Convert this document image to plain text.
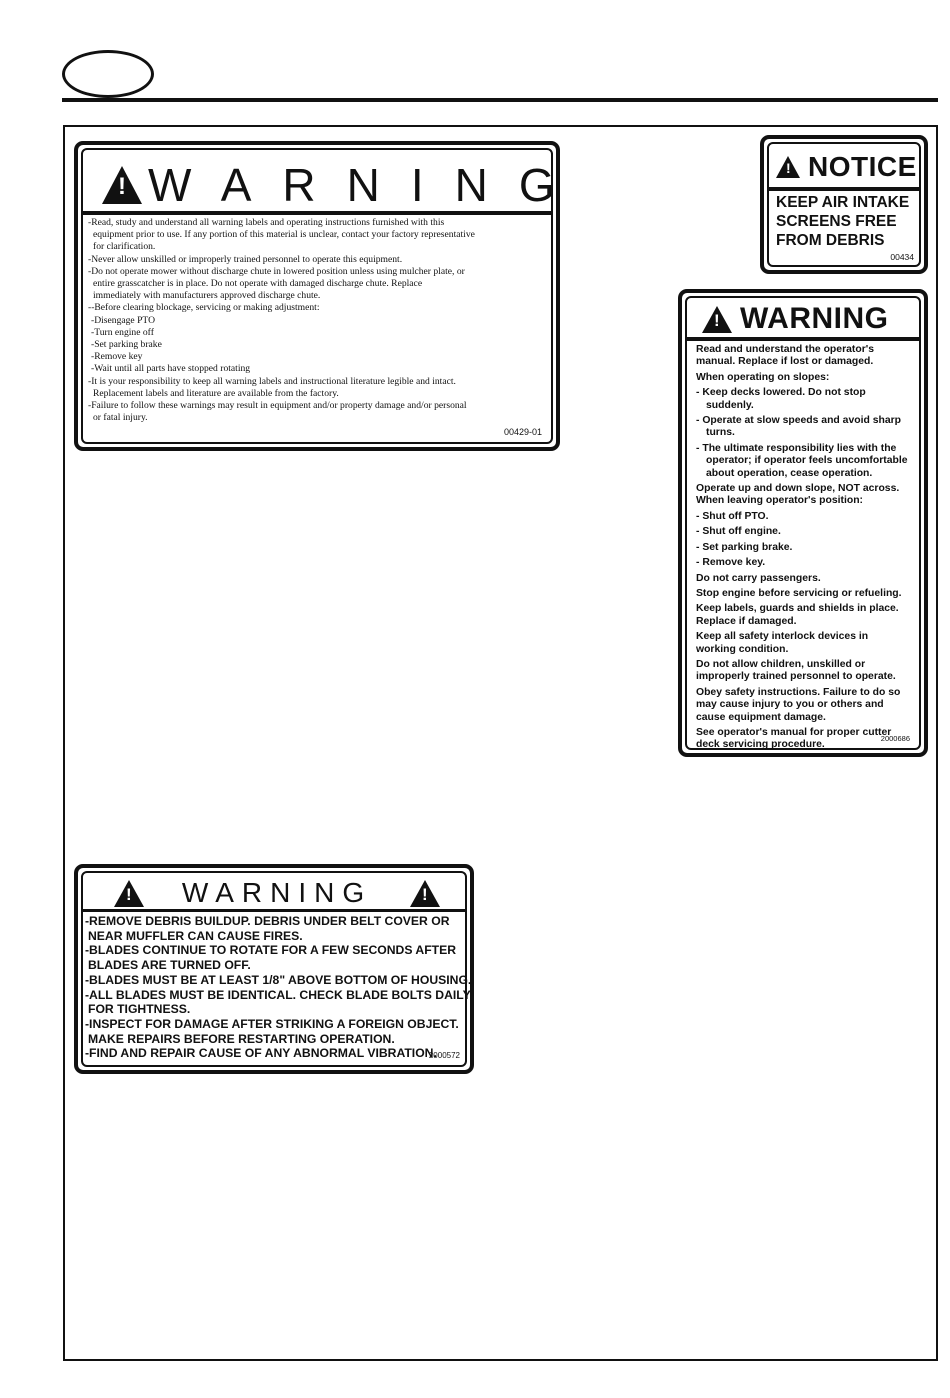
!
WARNING
-Read, study and understand all warning labels and operating instructions furnished with this
equipment prior to use. If any portion of this material is unclear, contact your factory representative
for clarification.
-Never allow unskilled or improperly trained personnel to operate this equipment.
-Do not operate mower without discharge chute in lowered position unless using mulcher plate, or
entire grasscatcher is in place. Do not operate with damaged discharge chute. Replace
immediately with manufacturers approved discharge chute.
--Before clearing blockage, servicing or making adjustment:
-Disengage PTO
-Turn engine off
-Set parking brake
-Remove key
-Wait until all parts have stopped rotating
-It is your responsibility to keep all warning labels and instructional literature legible and intact.
Replacement labels and literature are available from the factory.
-Failure to follow these warnings may result in equipment and/or property damage and/or personal
or fatal injury.
00429-01
!
NOTICE
KEEP AIR INTAKE
SCREENS FREE
FROM DEBRIS
00434
!
WARNING
Read and understand the operator's
manual. Replace if lost or damaged.
When operating on slopes:
- Keep decks lowered. Do not stop
suddenly.
- Operate at slow speeds and avoid sharp
turns.
- The ultimate responsibility lies with the
operator; if operator feels uncomfortable
about operation, cease operation.
Operate up and down slope, NOT across.
When leaving operator's position:
- Shut off PTO.
- Shut off engine.
- Set parking brake.
- Remove key.
Do not carry passengers.
Stop engine before servicing or refueling.
Keep labels, guards and shields in place.
Replace if damaged.
Keep all safety interlock devices in
working condition.
Do not allow children, unskilled or
improperly trained personnel to operate.
Obey safety instructions. Failure to do so
may cause injury to you or others and
cause equipment damage.
See operator's manual for proper cutter
deck servicing procedure.
2000686
!
WARNING
!
-REMOVE DEBRIS BUILDUP. DEBRIS UNDER BELT COVER OR
NEAR MUFFLER CAN CAUSE FIRES.
-BLADES CONTINUE TO ROTATE FOR A FEW SECONDS AFTER
BLADES ARE TURNED OFF.
-BLADES MUST BE AT LEAST 1/8" ABOVE BOTTOM OF HOUSING.
-ALL BLADES MUST BE IDENTICAL. CHECK BLADE BOLTS DAILY
FOR TIGHTNESS.
-INSPECT FOR DAMAGE AFTER STRIKING A FOREIGN OBJECT.
MAKE REPAIRS BEFORE RESTARTING OPERATION.
-FIND AND REPAIR CAUSE OF ANY ABNORMAL VIBRATION.
2000572
